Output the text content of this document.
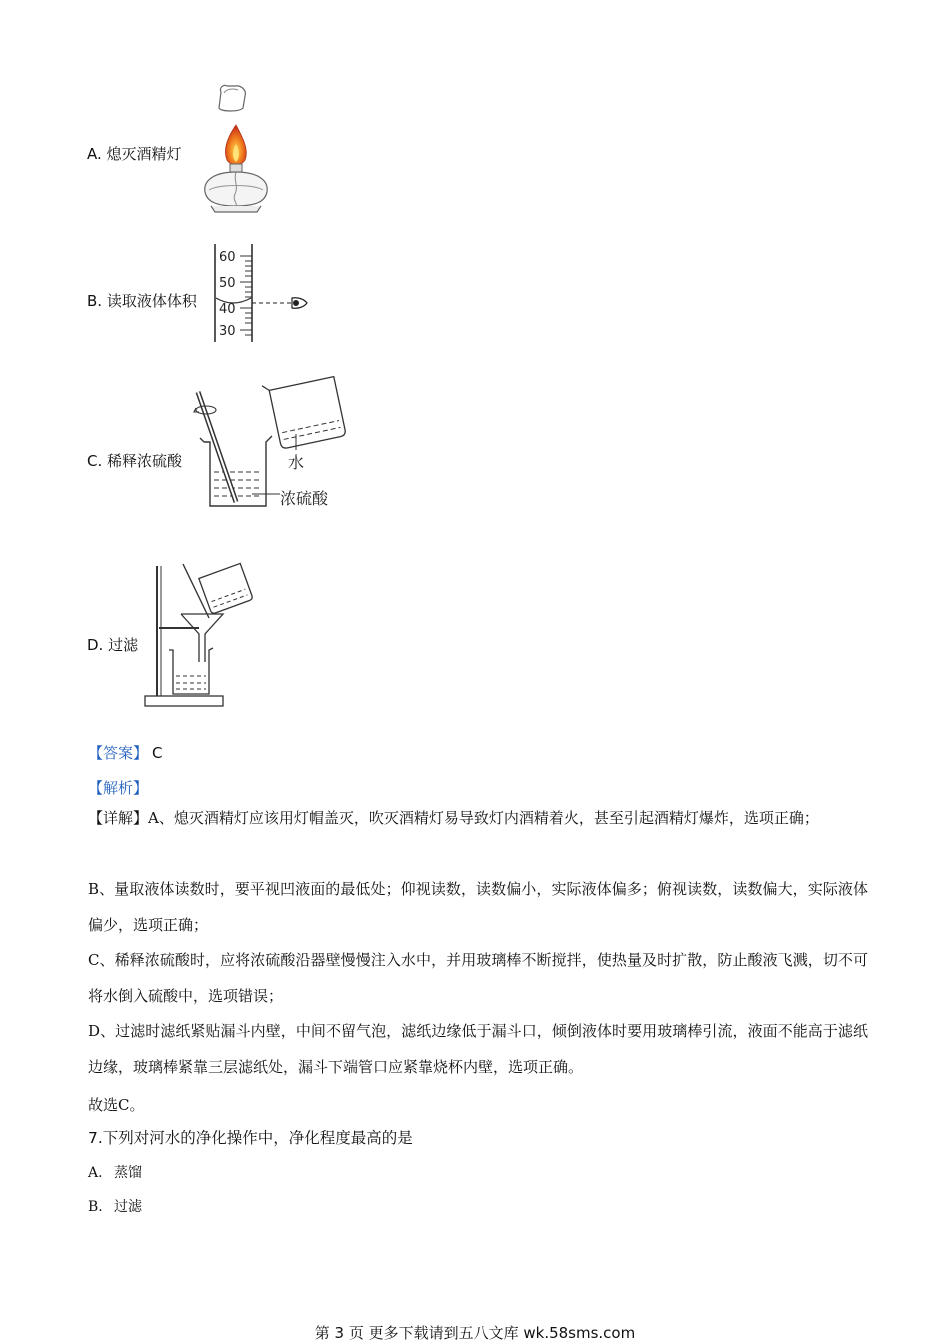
A. 熄灭酒精灯
B. 读取液体体积
60
50
40
30
C. 稀释浓硫酸	水
浓硫酸
D. 过滤
【答案】 C
【解析】
【详解】A、熄灭酒精灯应该用灯帽盖灭，吹灭酒精灯易导致灯内酒精着火，甚至引起酒精灯爆炸，选项正确；
B、量取液体读数时，要平视凹液面的最低处；仰视读数，读数偏小，实际液体偏多；俯视读数，读数偏大，实际液体偏少，选项正确；
C、稀释浓硫酸时，应将浓硫酸沿器壁慢慢注入水中，并用玻璃棒不断搅拌，使热量及时扩散，防止酸液飞溅，切不可将水倒入硫酸中，选项错误；
D、过滤时滤纸紧贴漏斗内壁，中间不留气泡，滤纸边缘低于漏斗口，倾倒液体时要用玻璃棒引流，液面不能高于滤纸边缘，玻璃棒紧靠三层滤纸处，漏斗下端管口应紧靠烧杯内壁，选项正确。
故选C。
7.下列对河水的净化操作中，净化程度最高的是
A. 蒸馏
B. 过滤
第 3 页 更多下载请到五八文库 wk.58sms.com
